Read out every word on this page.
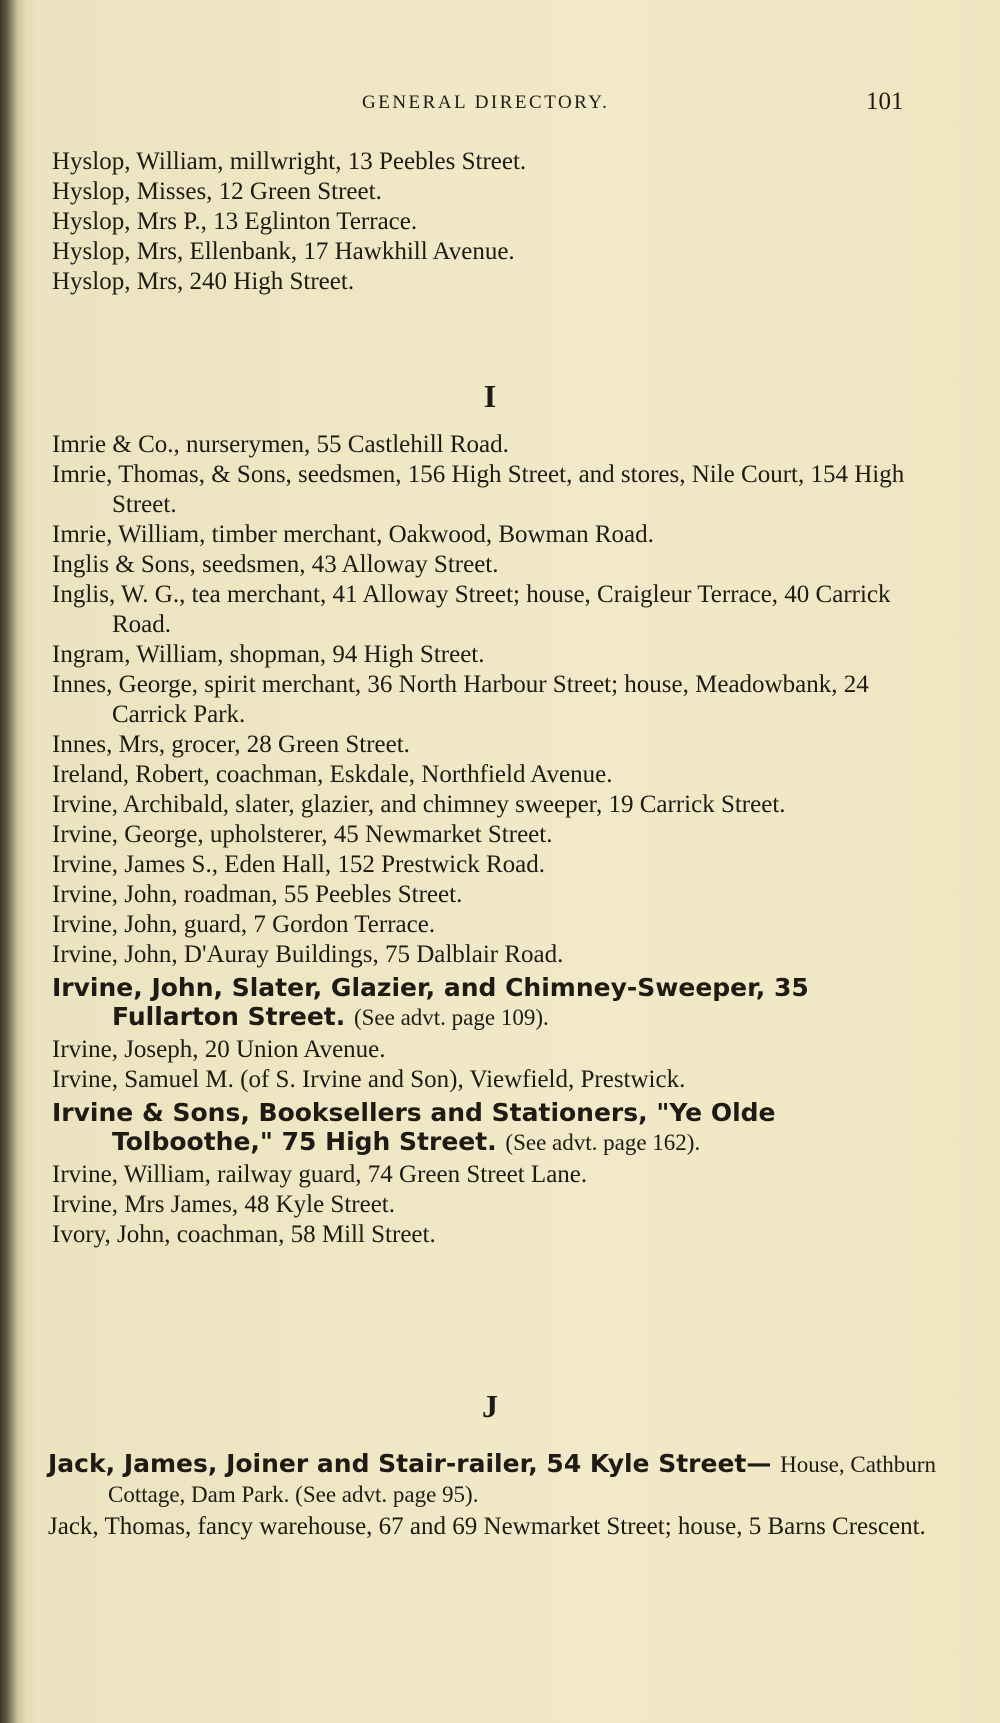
GENERAL DIRECTORY.	101
Hyslop, William, millwright, 13 Peebles Street.
Hyslop, Misses, 12 Green Street.
Hyslop, Mrs P., 13 Eglinton Terrace.
Hyslop, Mrs, Ellenbank, 17 Hawkhill Avenue.
Hyslop, Mrs, 240 High Street.
I
Imrie & Co., nurserymen, 55 Castlehill Road.
Imrie, Thomas, & Sons, seedsmen, 156 High Street, and stores, Nile Court, 154 High Street.
Imrie, William, timber merchant, Oakwood, Bowman Road.
Inglis & Sons, seedsmen, 43 Alloway Street.
Inglis, W. G., tea merchant, 41 Alloway Street; house, Craigleur Terrace, 40 Carrick Road.
Ingram, William, shopman, 94 High Street.
Innes, George, spirit merchant, 36 North Harbour Street; house, Meadowbank, 24 Carrick Park.
Innes, Mrs, grocer, 28 Green Street.
Ireland, Robert, coachman, Eskdale, Northfield Avenue.
Irvine, Archibald, slater, glazier, and chimney sweeper, 19 Carrick Street.
Irvine, George, upholsterer, 45 Newmarket Street.
Irvine, James S., Eden Hall, 152 Prestwick Road.
Irvine, John, roadman, 55 Peebles Street.
Irvine, John, guard, 7 Gordon Terrace.
Irvine, John, D'Auray Buildings, 75 Dalblair Road.
Irvine, John, Slater, Glazier, and Chimney-Sweeper, 35 Fullarton Street. (See advt. page 109).
Irvine, Joseph, 20 Union Avenue.
Irvine, Samuel M. (of S. Irvine and Son), Viewfield, Prestwick.
Irvine & Sons, Booksellers and Stationers, "Ye Olde Tolboothe," 75 High Street. (See advt. page 162).
Irvine, William, railway guard, 74 Green Street Lane.
Irvine, Mrs James, 48 Kyle Street.
Ivory, John, coachman, 58 Mill Street.
J
Jack, James, Joiner and Stair-railer, 54 Kyle Street— House, Cathburn Cottage, Dam Park. (See advt. page 95).
Jack, Thomas, fancy warehouse, 67 and 69 Newmarket Street; house, 5 Barns Crescent.
